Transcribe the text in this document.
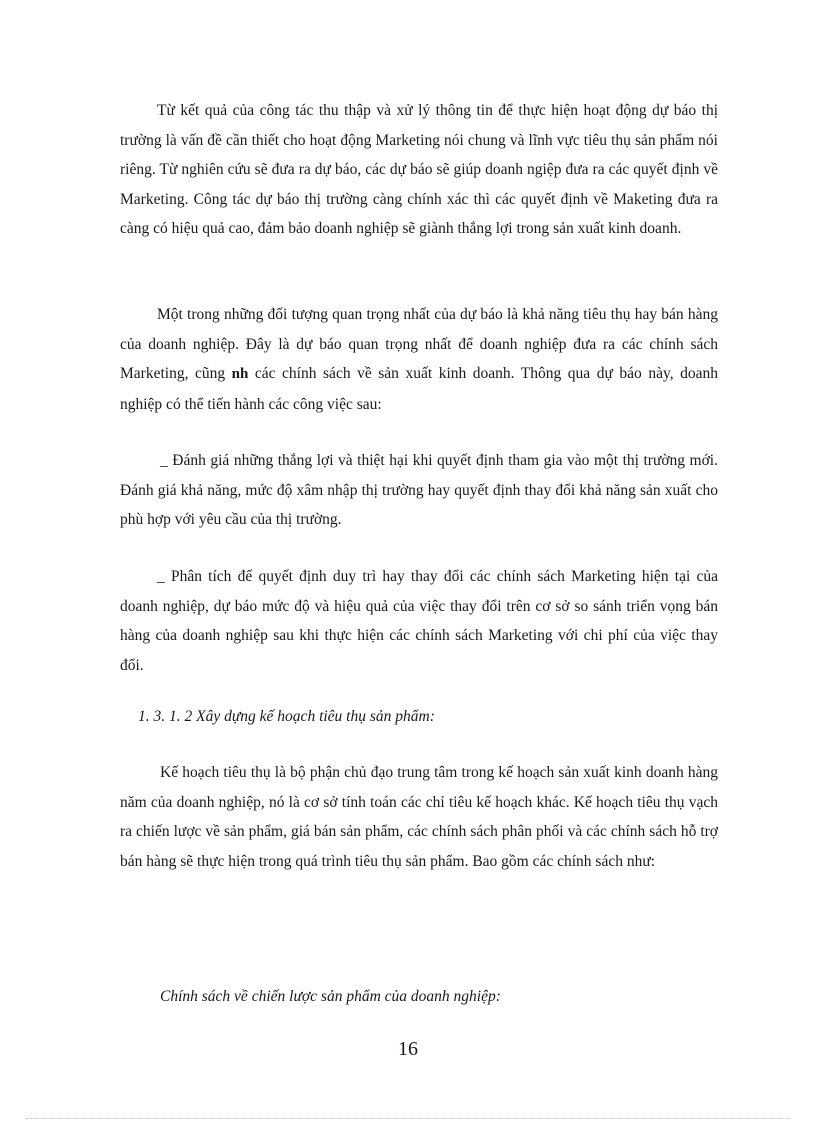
Từ kết quả của công tác thu thập và xử lý thông tin để thực hiện hoạt động dự báo thị trường là vấn đề cần thiết cho hoạt động Marketing nói chung và lĩnh vực tiêu thụ sản phẩm nói riêng. Từ nghiên cứu sẽ đưa ra dự báo, các dự báo sẽ giúp doanh ngiệp đưa ra các quyết định về Marketing. Công tác dự báo thị trường càng chính xác thì các quyết định về Maketing đưa ra càng có hiệu quả cao, đảm bảo doanh nghiệp sẽ giành thắng lợi trong sản xuất kinh doanh.

Một trong những đối tượng quan trọng nhất của dự báo là khả năng tiêu thụ hay bán hàng của doanh nghiệp. Đây là dự báo quan trọng nhất để doanh nghiệp đưa ra các chính sách Marketing, cũng nh các chính sách về sản xuất kinh doanh. Thông qua dự báo này, doanh nghiệp có thể tiến hành các công việc sau:

_ Đánh giá những thắng lợi và thiệt hại khi quyết định tham gia vào một thị trường mới. Đánh giá khả năng, mức độ xâm nhập thị trường hay quyết định thay đổi khả năng sản xuất cho phù hợp với yêu cầu của thị trường.

_ Phân tích để quyết định duy trì hay thay đổi các chính sách Marketing hiện tại của doanh nghiệp, dự báo mức độ và hiệu quả của việc thay đổi trên cơ sở so sánh triển vọng bán hàng của doanh nghiệp sau khi thực hiện các chính sách Marketing với chi phí của việc thay đổi.

1. 3. 1. 2 Xây dựng kế hoạch tiêu thụ sản phẩm:

Kế hoạch tiêu thụ là bộ phận chủ đạo trung tâm trong kế hoạch sản xuất kinh doanh hàng năm của doanh nghiệp, nó là cơ sở tính toán các chỉ tiêu kế hoạch khác. Kế hoạch tiêu thụ vạch ra chiến lược về sản phẩm, giá bán sản phẩm, các chính sách phân phối và các chính sách hỗ trợ bán hàng sẽ thực hiện trong quá trình tiêu thụ sản phẩm. Bao gồm các chính sách như:

Chính sách về chiến lược sản phẩm của doanh nghiệp:

16
